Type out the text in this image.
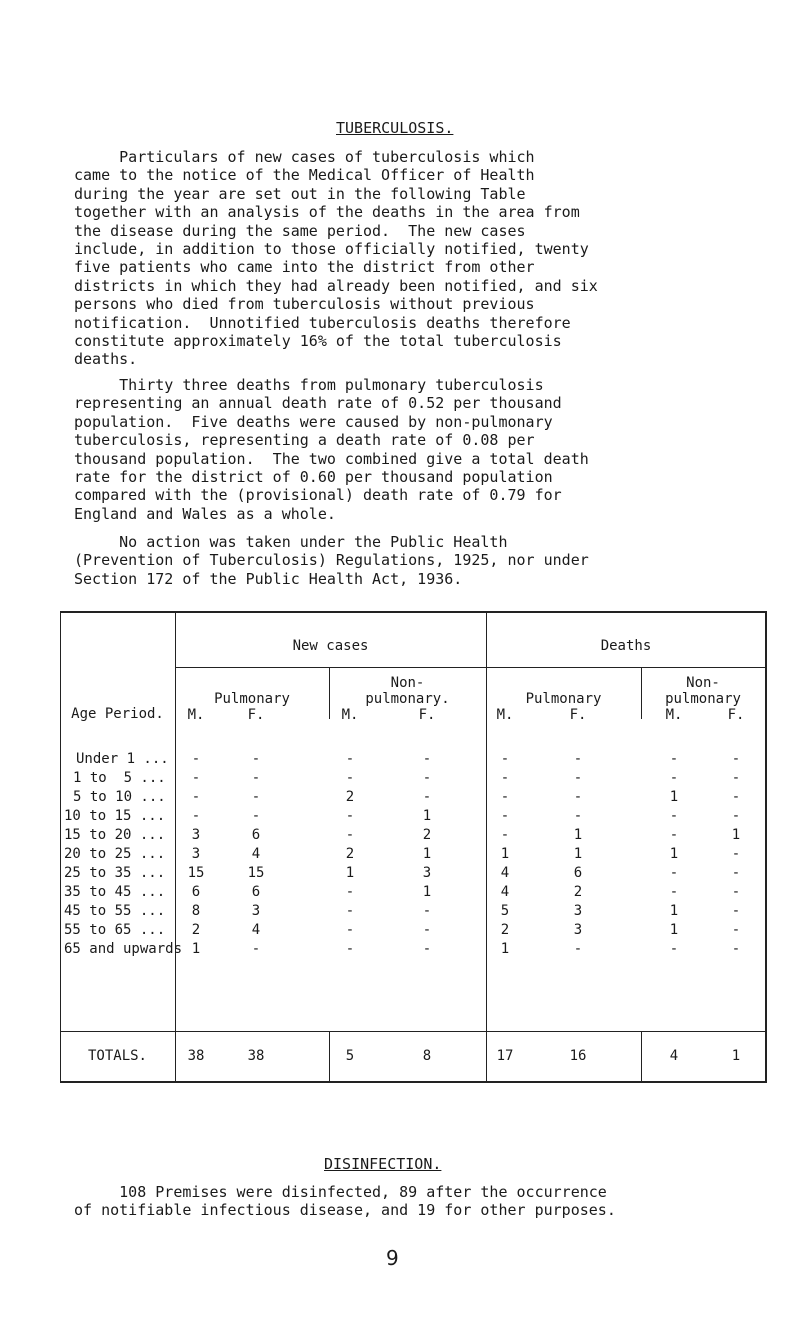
TUBERCULOSIS.
Particulars of new cases of tuberculosis which
came to the notice of the Medical Officer of Health
during the year are set out in the following Table
together with an analysis of the deaths in the area from
the disease during the same period.  The new cases
include, in addition to those officially notified, twenty
five patients who came into the district from other
districts in which they had already been notified, and six
persons who died from tuberculosis without previous
notification.  Unnotified tuberculosis deaths therefore
constitute approximately 16% of the total tuberculosis
deaths.
Thirty three deaths from pulmonary tuberculosis
representing an annual death rate of 0.52 per thousand
population.  Five deaths were caused by non-pulmonary
tuberculosis, representing a death rate of 0.08 per
thousand population.  The two combined give a total death
rate for the district of 0.60 per thousand population
compared with the (provisional) death rate of 0.79 for
England and Wales as a whole.
No action was taken under the Public Health
(Prevention of Tuberculosis) Regulations, 1925, nor under
Section 172 of the Public Health Act, 1936.
Age Period.
New cases	Deaths
Pulmonary
Non-
pulmonary.	Pulmonary
Non-
pulmonary
M.	F.	M.	F.	M.	F.	M.	F.
Under 1 ...	-	-	-	-	-	-	-	-
1 to  5 ...	-	-	-	-	-	-	-	-
5 to 10 ...	-	-	2	-	-	-	1	-
10 to 15 ...	-	-	-	1	-	-	-	-
15 to 20 ...	3	6	-	2	-	1	-	1
20 to 25 ...	3	4	2	1	1	1	1	-
25 to 35 ...	15	15	1	3	4	6	-	-
35 to 45 ...	6	6	-	1	4	2	-	-
45 to 55 ...	8	3	-	-	5	3	1	-
55 to 65 ...	2	4	-	-	2	3	1	-
65 and upwards 1	-	-	-	1	-	-	-
TOTALS.	38	38	5	8	17	16	4	1
DISINFECTION.
108 Premises were disinfected, 89 after the occurrence
of notifiable infectious disease, and 19 for other purposes.
9
